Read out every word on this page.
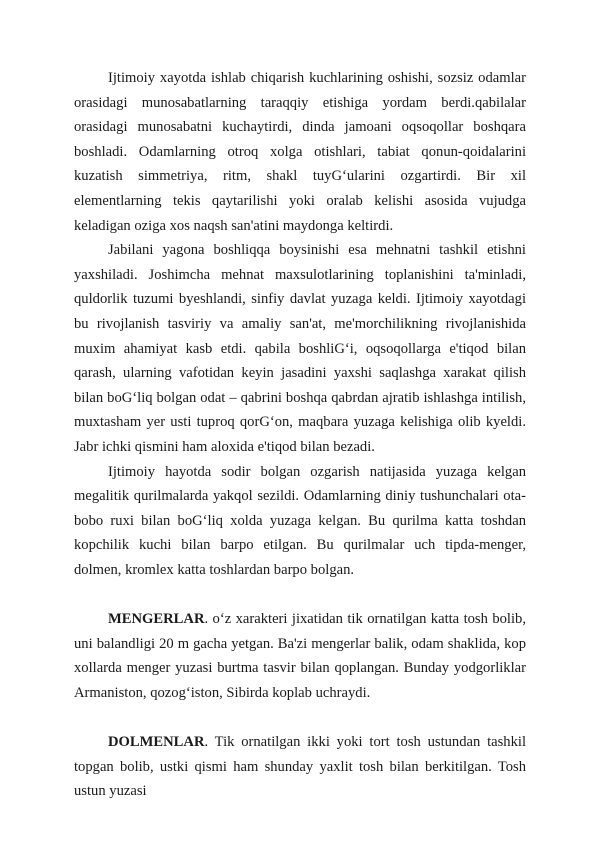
Ijtimoiy xayotda ishlab chiqarish kuchlarining oshishi, sozsiz odamlar orasidagi munosabatlarning taraqqiy etishiga yordam berdi.qabilalar orasidagi munosabatni kuchaytirdi, dinda jamoani oqsoqollar boshqara boshladi. Odamlarning otroq xolga otishlari, tabiat qonun-qoidalarini kuzatish simmetriya, ritm, shakl tuyG‘ularini ozgartirdi. Bir xil elementlarning tekis qaytarilishi yoki oralab kelishi asosida vujudga keladigan oziga xos naqsh san'atini maydonga keltirdi.

Jabilani yagona boshliqqa boysinishi esa mehnatni tashkil etishni yaxshiladi. Joshimcha mehnat maxsulotlarining toplanishini ta'minladi, quldorlik tuzumi byeshlandi, sinfiy davlat yuzaga keldi. Ijtimoiy xayotdagi bu rivojlanish tasviriy va amaliy san'at, me'morchilikning rivojlanishida muxim ahamiyat kasb etdi. qabila boshliG‘i, oqsoqollarga e'tiqod bilan qarash, ularning vafotidan keyin jasadini yaxshi saqlashga xarakat qilish bilan boG‘liq bolgan odat – qabrini boshqa qabrdan ajratib ishlashga intilish, muxtasham yer usti tuproq qorG‘on, maqbara yuzaga kelishiga olib kyeldi. Jabr ichki qismini ham aloxida e'tiqod bilan bezadi.

Ijtimoiy hayotda sodir bolgan ozgarish natijasida yuzaga kelgan megalitik qurilmalarda yakqol sezildi. Odamlarning diniy tushunchalari ota-bobo ruxi bilan boG‘liq xolda yuzaga kelgan. Bu qurilma katta toshdan kopchilik kuchi bilan barpo etilgan. Bu qurilmalar uch tipda-menger, dolmen, kromlex katta toshlardan barpo bolgan.

MENGERLAR. o‘z xarakteri jixatidan tik ornatilgan katta tosh bolib, uni balandligi 20 m gacha yetgan. Ba'zi mengerlar balik, odam shaklida, kop xollarda menger yuzasi burtma tasvir bilan qoplangan. Bunday yodgorliklar Armaniston, qozog‘iston, Sibirda koplab uchraydi.

DOLMENLAR. Tik ornatilgan ikki yoki tort tosh ustundan tashkil topgan bolib, ustki qismi ham shunday yaxlit tosh bilan berkitilgan. Tosh ustun yuzasi
